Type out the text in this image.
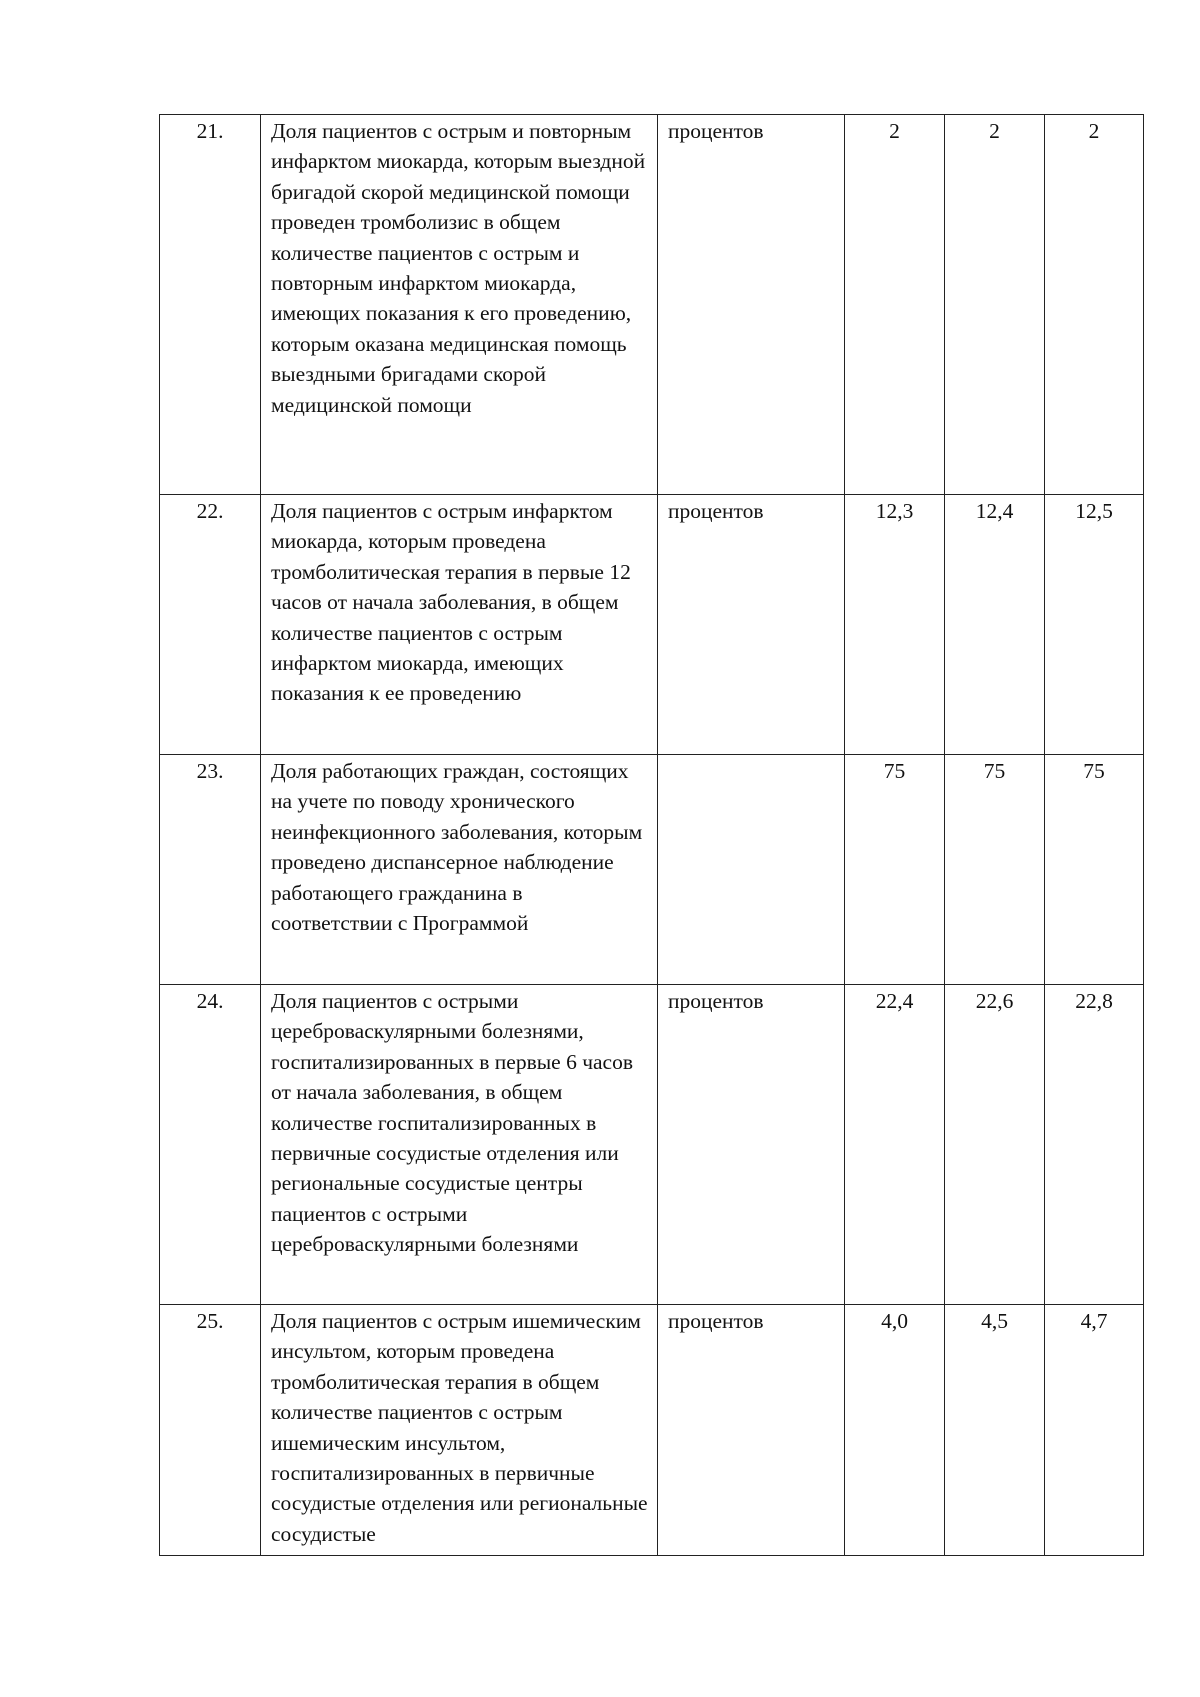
21.	Доля пациентов с острым и повторным инфарктом миокарда, которым выездной бригадой скорой медицинской помощи проведен тромболизис в общем количестве пациентов с острым и повторным инфарктом миокарда, имеющих показания к его проведению, которым оказана медицинская помощь выездными бригадами скорой медицинской помощи	процентов	2	2	2
22.	Доля пациентов с острым инфарктом миокарда, которым проведена тромболитическая терапия в первые 12 часов от начала заболевания, в общем количестве пациентов с острым инфарктом миокарда, имеющих показания к ее проведению	процентов	12,3	12,4	12,5
23.	Доля работающих граждан, состоящих на учете по поводу хронического неинфекционного заболевания, которым проведено диспансерное наблюдение работающего гражданина в соответствии с Программой		75	75	75
24.	Доля пациентов с острыми цереброваскулярными болезнями, госпитализированных в первые 6 часов от начала заболевания, в общем количестве госпитализированных в первичные сосудистые отделения или региональные сосудистые центры пациентов с острыми цереброваскулярными болезнями	процентов	22,4	22,6	22,8
25.	Доля пациентов с острым ишемическим инсультом, которым проведена тромболитическая терапия в общем количестве пациентов с острым ишемическим инсультом, госпитализированных в первичные сосудистые отделения или региональные сосудистые	процентов	4,0	4,5	4,7
